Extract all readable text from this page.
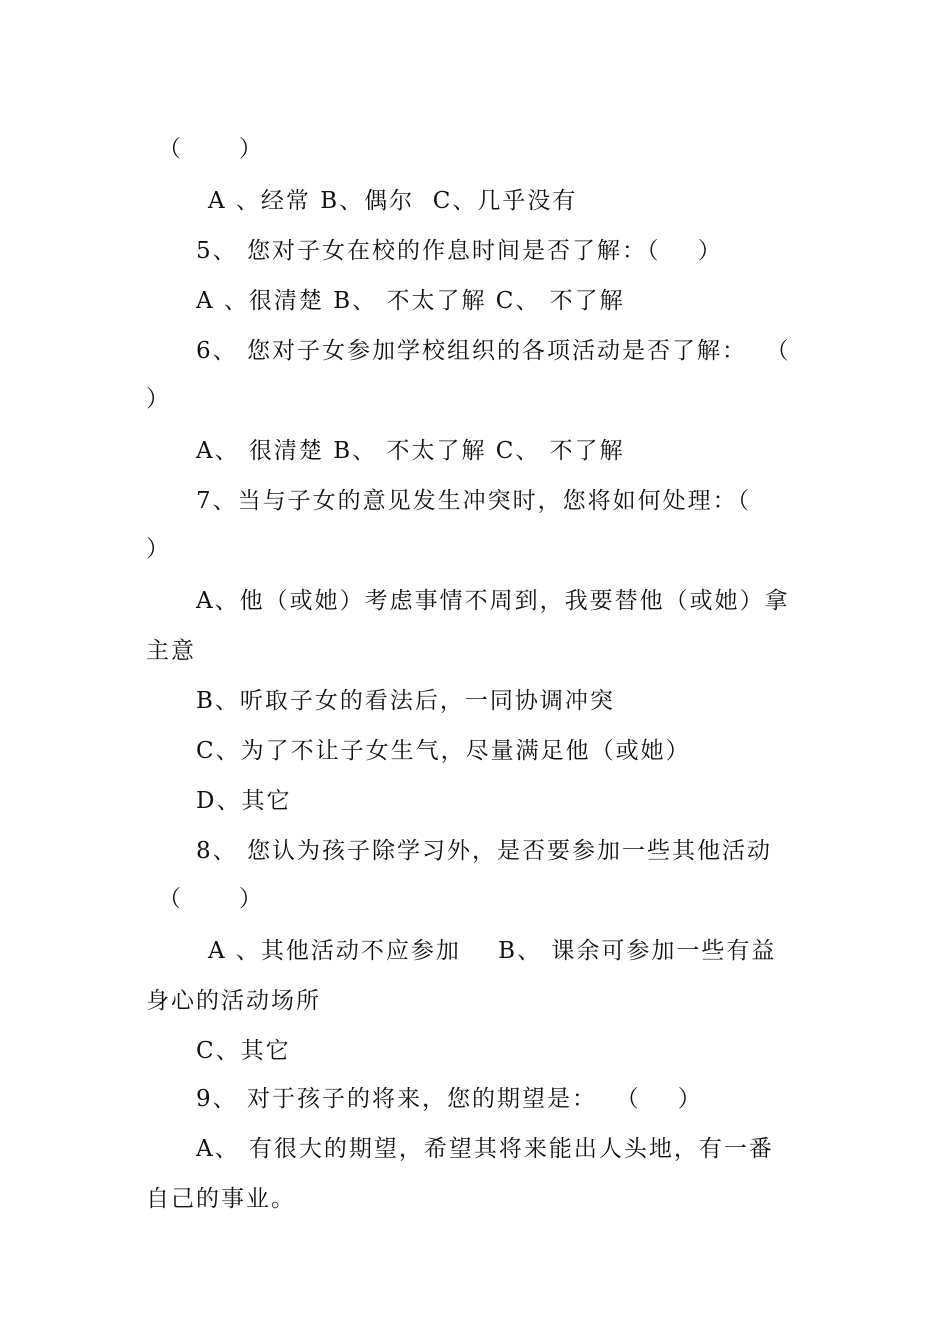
（      ）
A 、经常 B、偶尔  C、几乎没有
5、 您对子女在校的作息时间是否了解：（    ）
A 、很清楚 B、 不太了解 C、 不了解
6、 您对子女参加学校组织的各项活动是否了解：  （
）
A、 很清楚 B、 不太了解 C、 不了解
7、当与子女的意见发生冲突时，您将如何处理：（
）
A、他（或她）考虑事情不周到，我要替他（或她）拿
主意
B、听取子女的看法后，一同协调冲突
C、为了不让子女生气，尽量满足他（或她）
D、其它
8、 您认为孩子除学习外，是否要参加一些其他活动
（      ）
A 、其他活动不应参加    B、 课余可参加一些有益
身心的活动场所
C、其它
9、 对于孩子的将来，您的期望是：  （    ）
A、 有很大的期望，希望其将来能出人头地，有一番
自己的事业。
